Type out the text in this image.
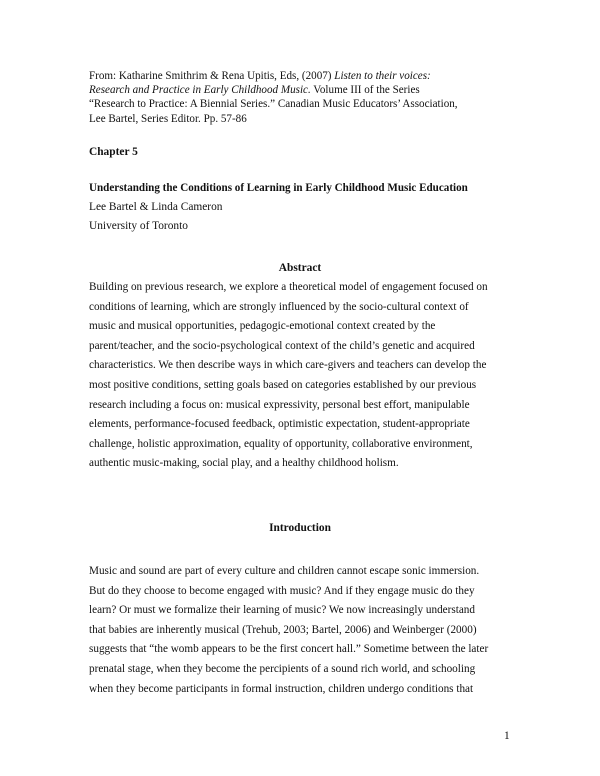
From: Katharine Smithrim & Rena Upitis, Eds, (2007) Listen to their voices:
Research and Practice in Early Childhood Music. Volume III of the Series
“Research to Practice: A Biennial Series.” Canadian Music Educators’ Association,
Lee Bartel, Series Editor. Pp. 57-86
Chapter 5
Understanding the Conditions of Learning in Early Childhood Music Education
Lee Bartel & Linda Cameron
University of Toronto
Abstract
Building on previous research, we explore a theoretical model of engagement focused on
conditions of learning, which are strongly influenced by the socio-cultural context of
music and musical opportunities, pedagogic-emotional context created by the
parent/teacher, and the socio-psychological context of the child’s genetic and acquired
characteristics. We then describe ways in which care-givers and teachers can develop the
most positive conditions, setting goals based on categories established by our previous
research including a focus on: musical expressivity, personal best effort, manipulable
elements, performance-focused feedback, optimistic expectation, student-appropriate
challenge, holistic approximation, equality of opportunity, collaborative environment,
authentic music-making, social play, and a healthy childhood holism.
Introduction
Music and sound are part of every culture and children cannot escape sonic immersion.
But do they choose to become engaged with music? And if they engage music do they
learn? Or must we formalize their learning of music? We now increasingly understand
that babies are inherently musical (Trehub, 2003; Bartel, 2006) and Weinberger (2000)
suggests that “the womb appears to be the first concert hall.” Sometime between the later
prenatal stage, when they become the percipients of a sound rich world, and schooling
when they become participants in formal instruction, children undergo conditions that
1
